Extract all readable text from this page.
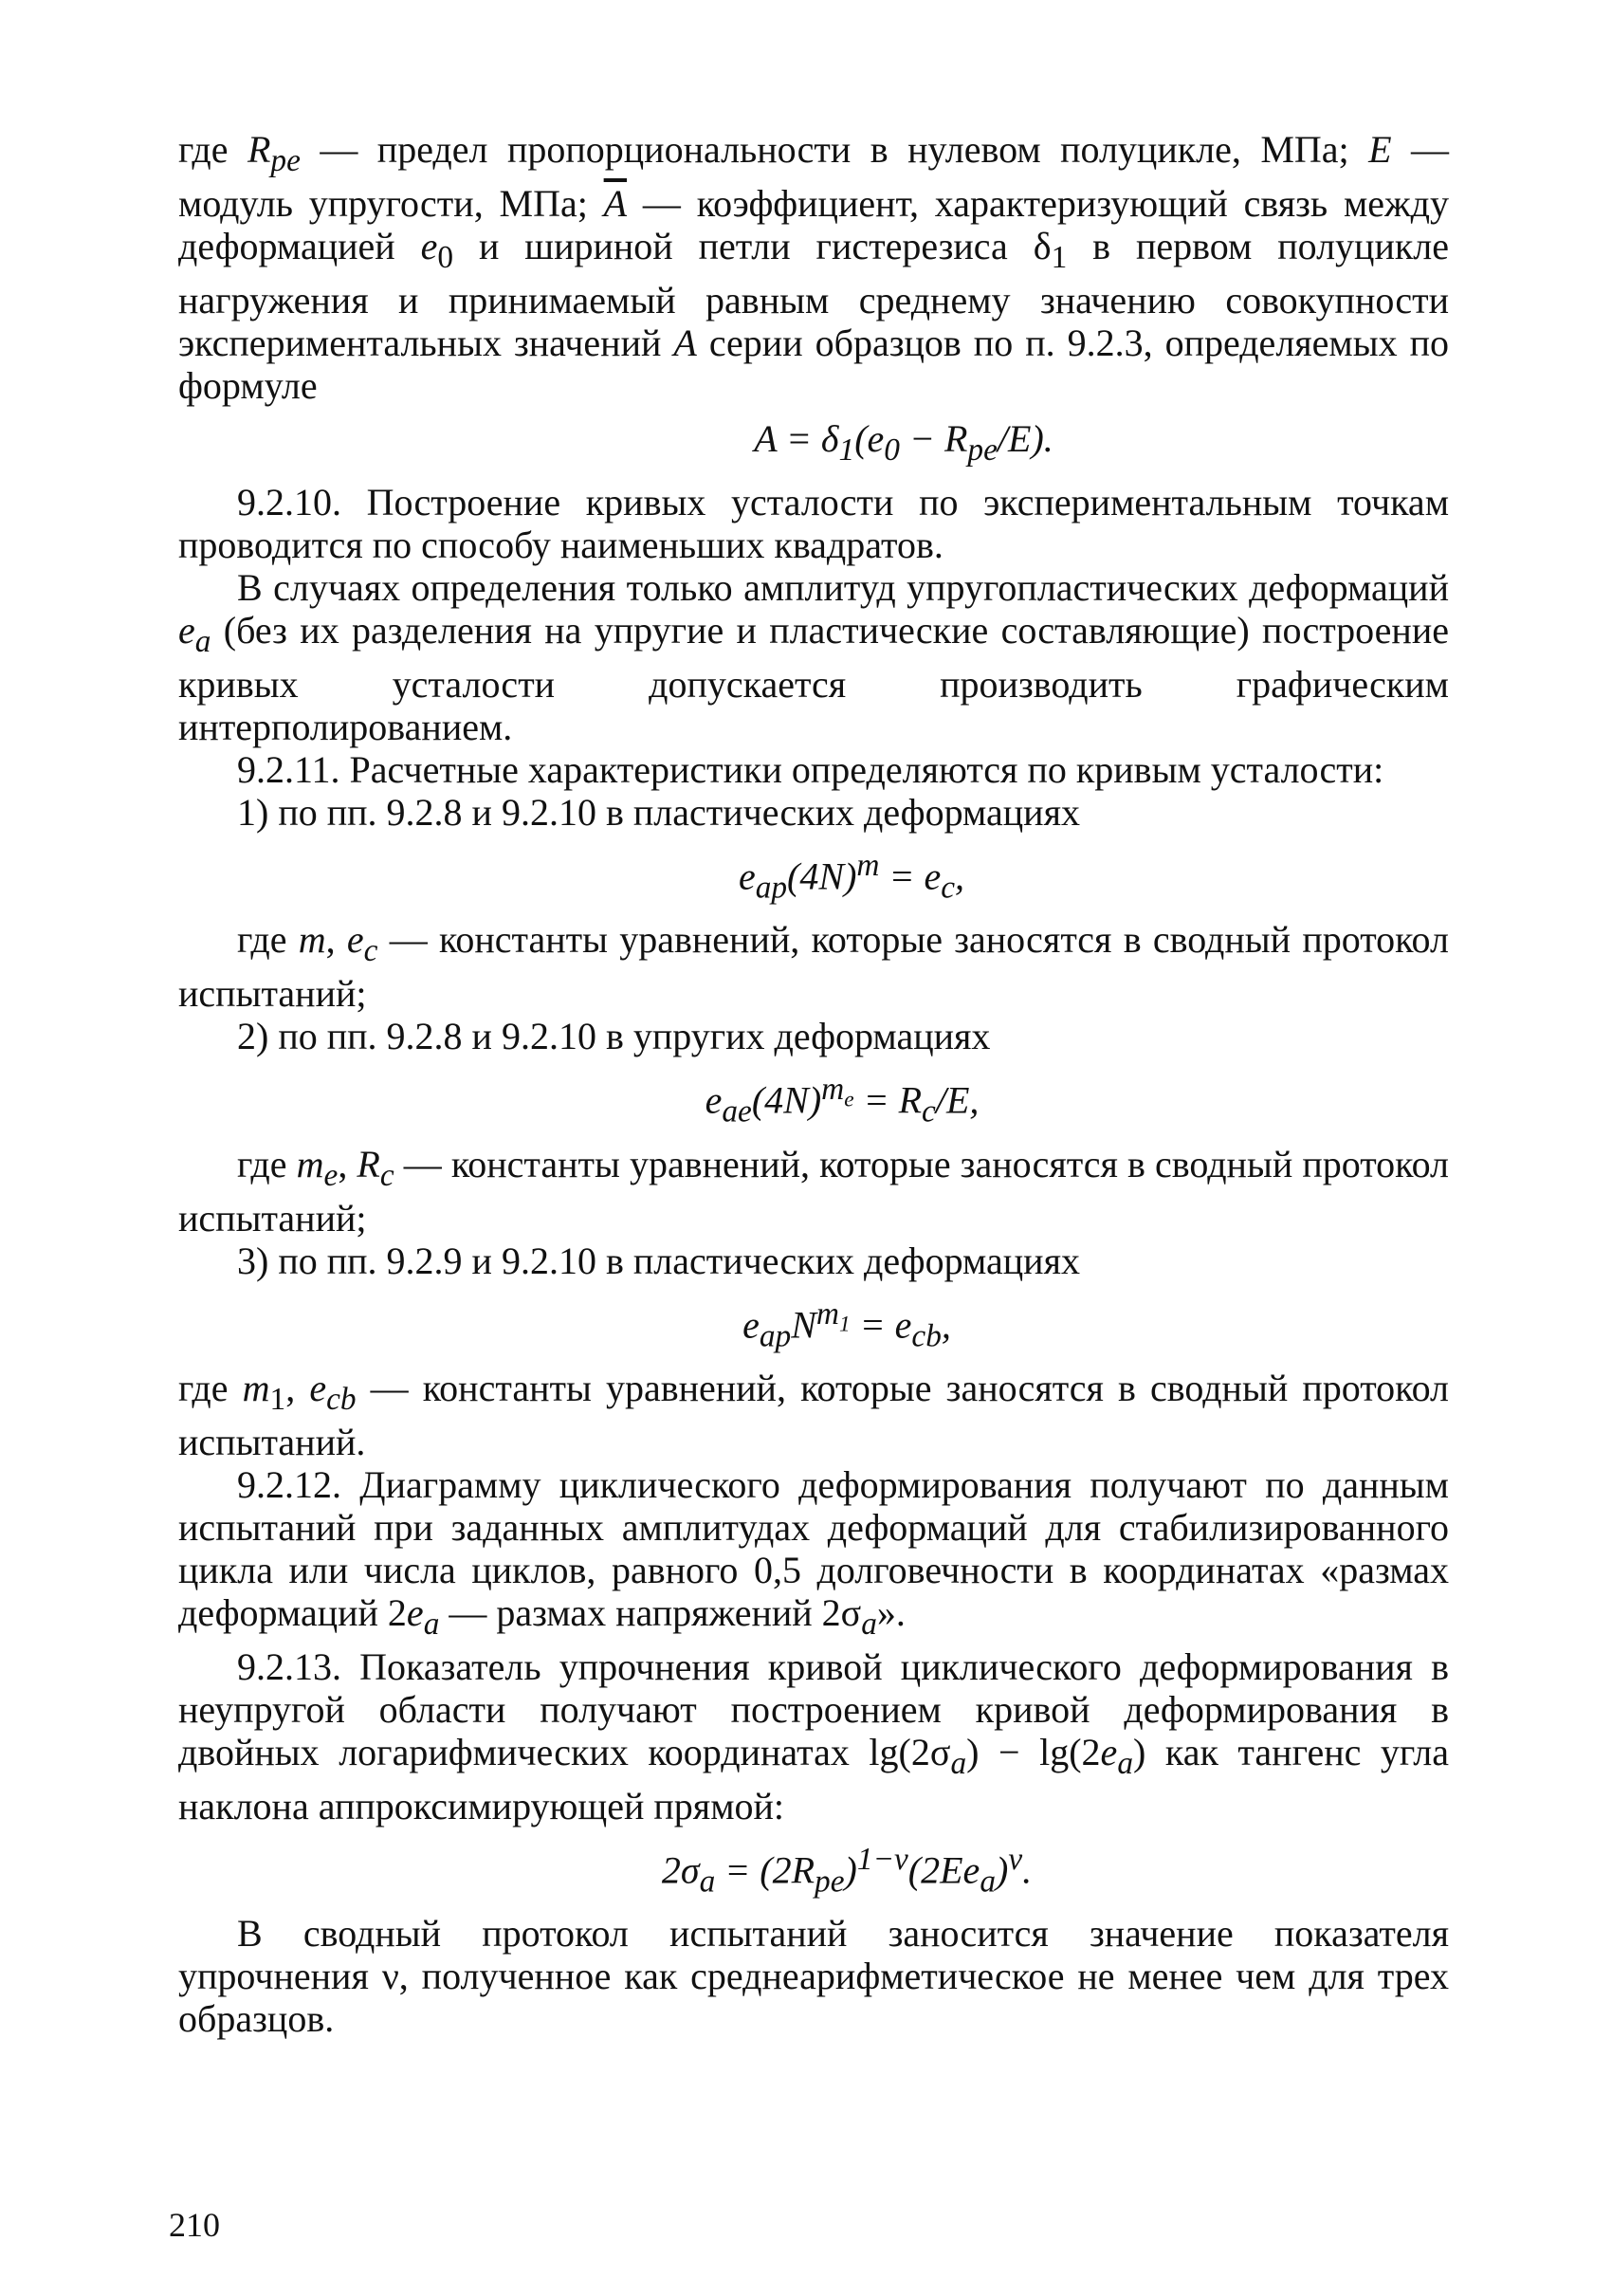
где $R_{pe}$ — предел пропорциональности в нулевом полуцикле, МПа; E — модуль упругости, МПа; $\overline{A}$ — коэффициент, характеризующий связь между деформацией $e_0$ и шириной петли гистерезиса $\delta_1$ в первом полуцикле нагружения и принимаемый равным среднему значению совокупности экспериментальных значений A серии образцов по п. 9.2.3, определяемых по формуле

$A = \delta_1(e_0 - R_{pe}/E)$.

9.2.10. Построение кривых усталости по экспериментальным точкам проводится по способу наименьших квадратов.

В случаях определения только амплитуд упругопластических деформаций $e_a$ (без их разделения на упругие и пластические составляющие) построение кривых усталости допускается производить графическим интерполированием.

9.2.11. Расчетные характеристики определяются по кривым усталости:

1) по пп. 9.2.8 и 9.2.10 в пластических деформациях

$e_{ap}(4N)^m = e_c$,

где m, $e_c$ — константы уравнений, которые заносятся в сводный протокол испытаний;

2) по пп. 9.2.8 и 9.2.10 в упругих деформациях

$e_{ae}(4N)^{m_e} = R_c/E$,

где $m_e$, $R_c$ — константы уравнений, которые заносятся в сводный протокол испытаний;

3) по пп. 9.2.9 и 9.2.10 в пластических деформациях

$e_{ap}N^{m_1} = e_{cb}$,

где $m_1$, $e_{cb}$ — константы уравнений, которые заносятся в сводный протокол испытаний.

9.2.12. Диаграмму циклического деформирования получают по данным испытаний при заданных амплитудах деформаций для стабилизированного цикла или числа циклов, равного 0,5 долговечности в координатах «размах деформаций $2e_a$ — размах напряжений $2\sigma_a$».

9.2.13. Показатель упрочнения кривой циклического деформирования в неупругой области получают построением кривой деформирования в двойных логарифмических координатах $\lg(2\sigma_a) - \lg(2e_a)$ как тангенс угла наклона аппроксимирующей прямой:

$2\sigma_a = (2R_{pe})^{1-\nu}(2Ee_a)^\nu$.

В сводный протокол испытаний заносится значение показателя упрочнения ν, полученное как среднеарифметическое не менее чем для трех образцов.

210
